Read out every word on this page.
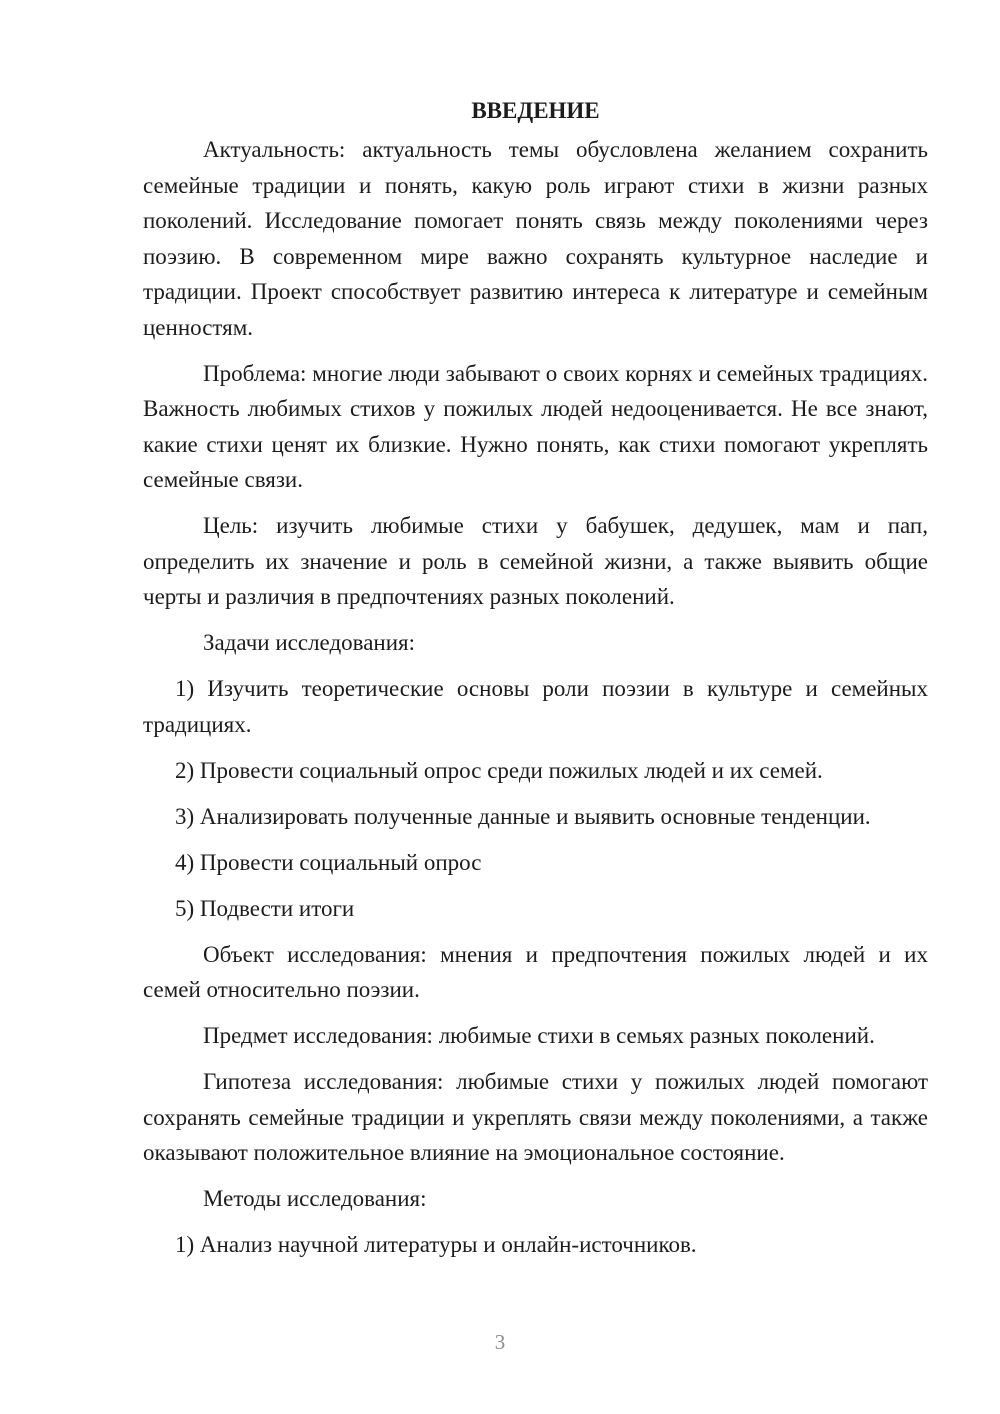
ВВЕДЕНИЕ

Актуальность: актуальность темы обусловлена желанием сохранить семейные традиции и понять, какую роль играют стихи в жизни разных поколений. Исследование помогает понять связь между поколениями через поэзию. В современном мире важно сохранять культурное наследие и традиции. Проект способствует развитию интереса к литературе и семейным ценностям.

Проблема: многие люди забывают о своих корнях и семейных традициях. Важность любимых стихов у пожилых людей недооценивается. Не все знают, какие стихи ценят их близкие. Нужно понять, как стихи помогают укреплять семейные связи.

Цель: изучить любимые стихи у бабушек, дедушек, мам и пап, определить их значение и роль в семейной жизни, а также выявить общие черты и различия в предпочтениях разных поколений.

Задачи исследования:

1) Изучить теоретические основы роли поэзии в культуре и семейных традициях.

2) Провести социальный опрос среди пожилых людей и их семей.

3) Анализировать полученные данные и выявить основные тенденции.

4) Провести социальный опрос

5) Подвести итоги

Объект исследования: мнения и предпочтения пожилых людей и их семей относительно поэзии.

Предмет исследования: любимые стихи в семьях разных поколений.

Гипотеза исследования: любимые стихи у пожилых людей помогают сохранять семейные традиции и укреплять связи между поколениями, а также оказывают положительное влияние на эмоциональное состояние.

Методы исследования:

1) Анализ научной литературы и онлайн-источников.

3
